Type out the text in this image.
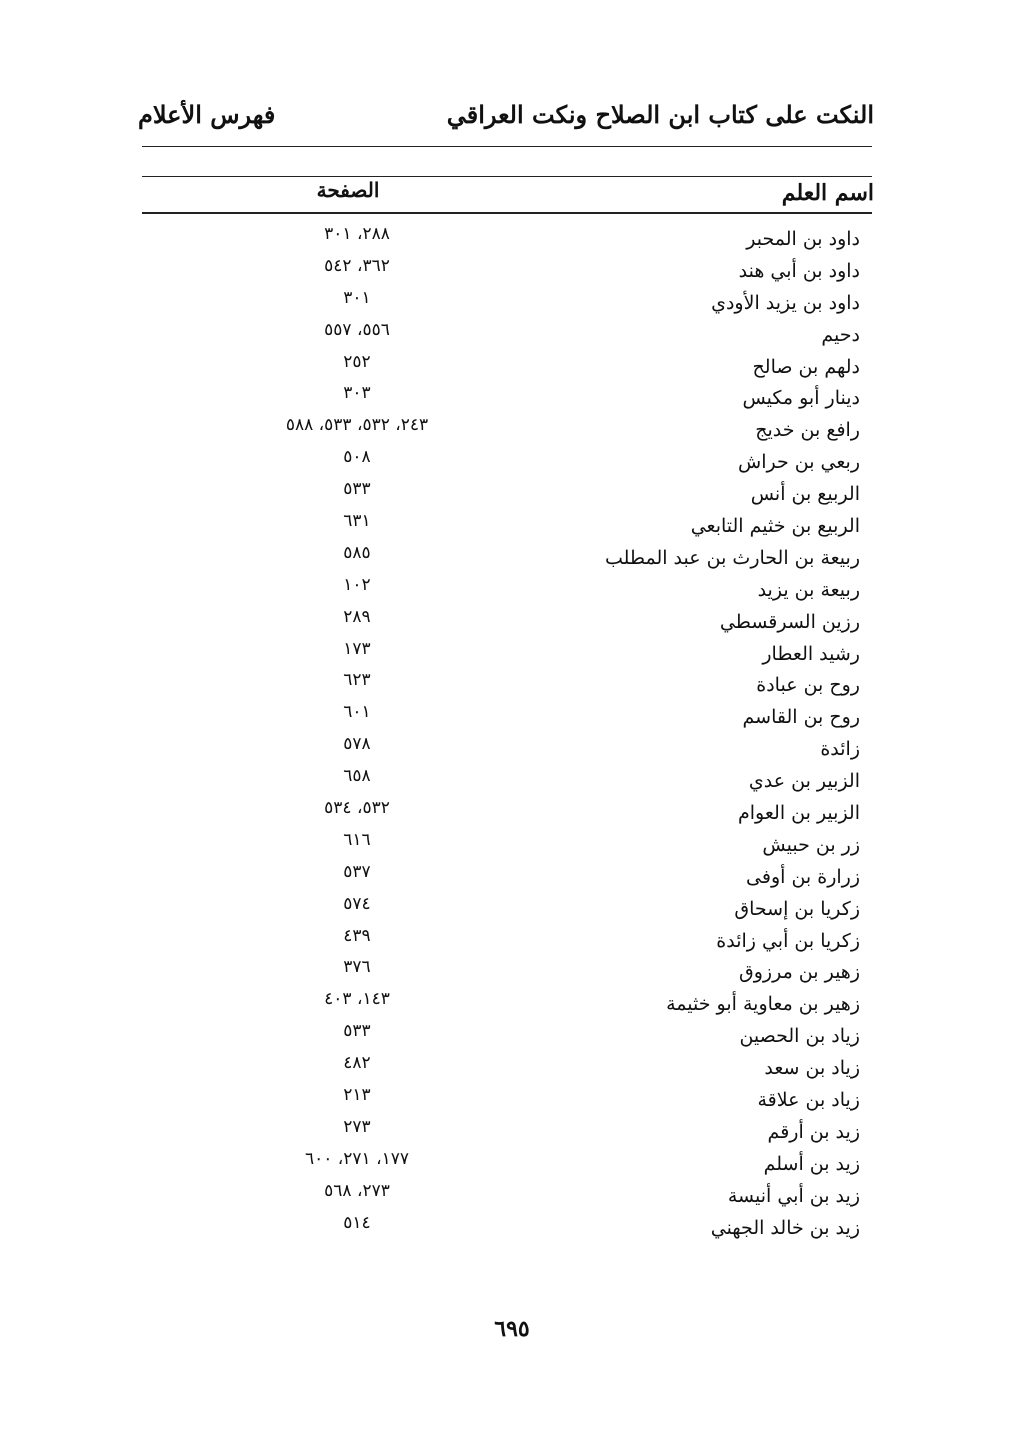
النكت على كتاب ابن الصلاح ونكت العراقي
فهرس الأعلام
اسم العلم
الصفحة
داود بن المحبر
٢٨٨، ٣٠١
داود بن أبي هند
٣٦٢، ٥٤٢
داود بن يزيد الأودي
٣٠١
دحيم
٥٥٦، ٥٥٧
دلهم بن صالح
٢٥٢
دينار أبو مكيس
٣٠٣
رافع بن خديج
٢٤٣، ٥٣٢، ٥٣٣، ٥٨٨
ربعي بن حراش
٥٠٨
الربيع بن أنس
٥٣٣
الربيع بن خثيم التابعي
٦٣١
ربيعة بن الحارث بن عبد المطلب
٥٨٥
ربيعة بن يزيد
١٠٢
رزين السرقسطي
٢٨٩
رشيد العطار
١٧٣
روح بن عبادة
٦٢٣
روح بن القاسم
٦٠١
زائدة
٥٧٨
الزبير بن عدي
٦٥٨
الزبير بن العوام
٥٣٢، ٥٣٤
زر بن حبيش
٦١٦
زرارة بن أوفى
٥٣٧
زكريا بن إسحاق
٥٧٤
زكريا بن أبي زائدة
٤٣٩
زهير بن مرزوق
٣٧٦
زهير بن معاوية أبو خثيمة
١٤٣، ٤٠٣
زياد بن الحصين
٥٣٣
زياد بن سعد
٤٨٢
زياد بن علاقة
٢١٣
زيد بن أرقم
٢٧٣
زيد بن أسلم
١٧٧، ٢٧١، ٦٠٠
زيد بن أبي أنيسة
٢٧٣، ٥٦٨
زيد بن خالد الجهني
٥١٤
٦٩٥
